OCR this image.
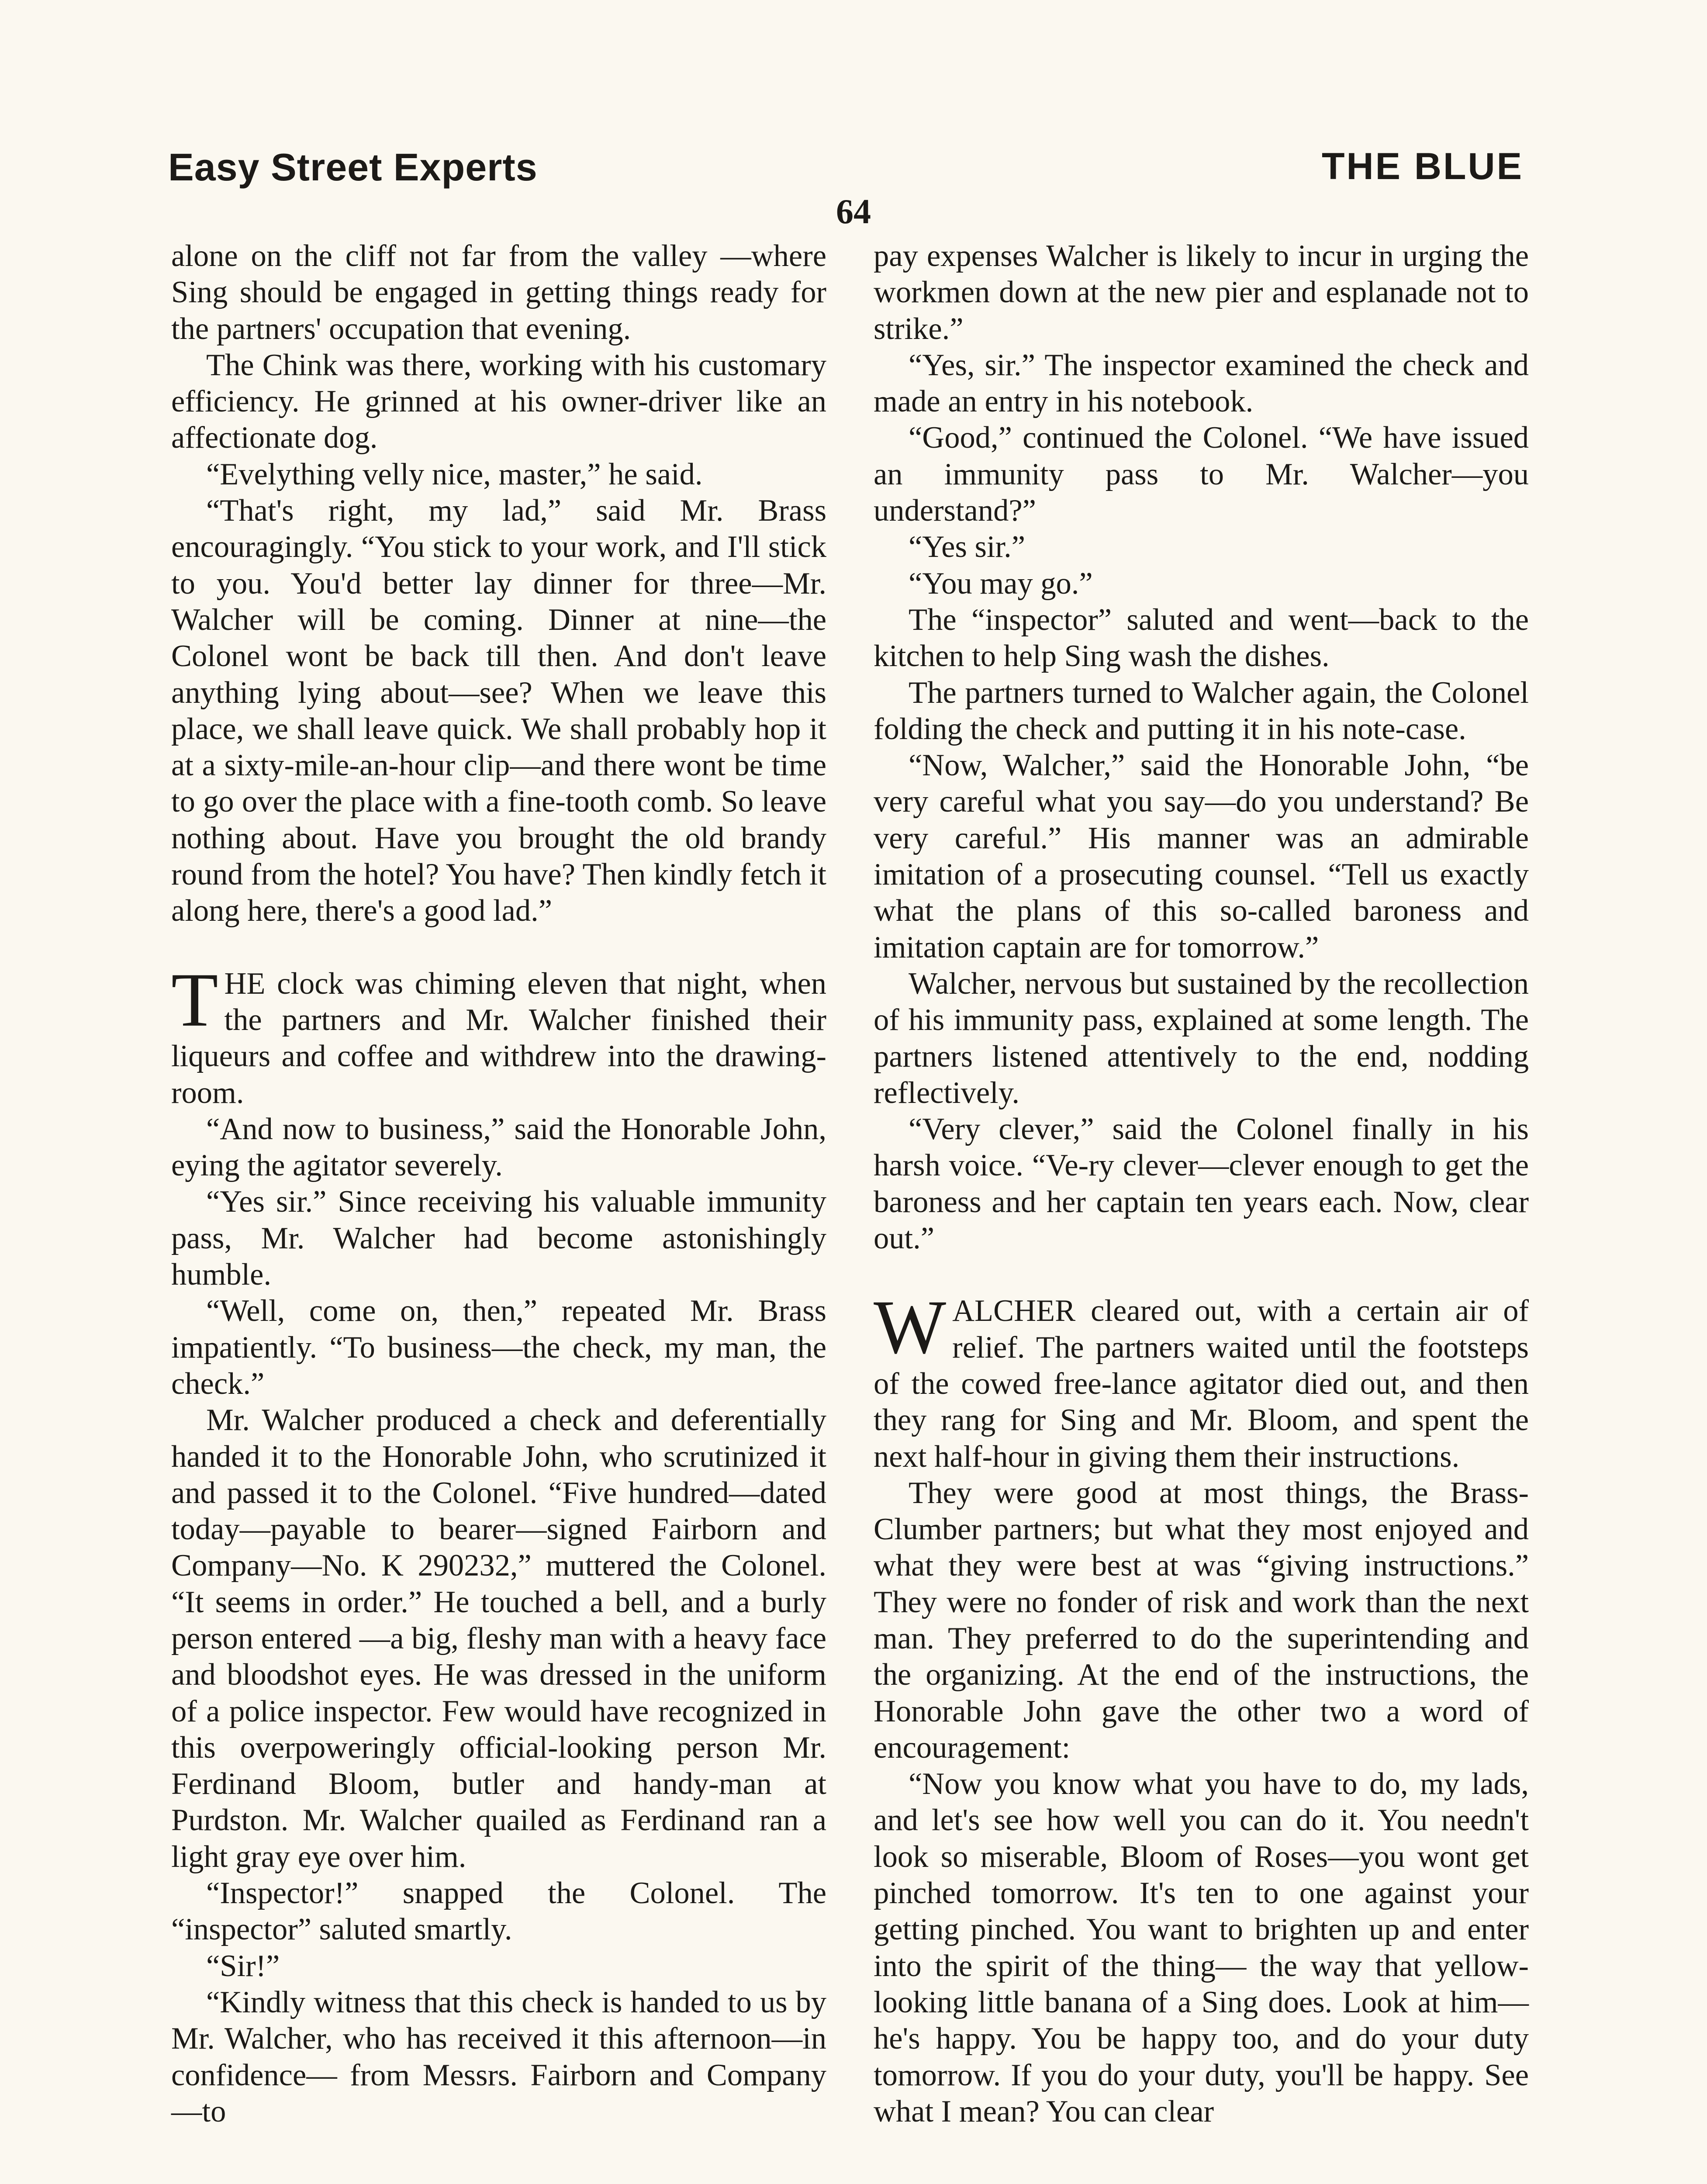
Easy Street Experts	THE BLUE
64

alone on the cliff not far from the valley —where Sing should be engaged in getting things ready for the partners' occupation that evening.

The Chink was there, working with his customary efficiency. He grinned at his owner-driver like an affectionate dog.

“Evelything velly nice, master,” he said.

“That's right, my lad,” said Mr. Brass encouragingly. “You stick to your work, and I'll stick to you. You'd better lay dinner for three—Mr. Walcher will be coming. Dinner at nine—the Colonel wont be back till then. And don't leave anything lying about—see? When we leave this place, we shall leave quick. We shall probably hop it at a sixty-mile-an-hour clip—and there wont be time to go over the place with a fine-tooth comb. So leave nothing about. Have you brought the old brandy round from the hotel? You have? Then kindly fetch it along here, there's a good lad.”

THE clock was chiming eleven that night, when the partners and Mr. Walcher finished their liqueurs and coffee and withdrew into the drawing-room.

“And now to business,” said the Honorable John, eying the agitator severely.

“Yes sir.” Since receiving his valuable immunity pass, Mr. Walcher had become astonishingly humble.

“Well, come on, then,” repeated Mr. Brass impatiently. “To business—the check, my man, the check.”

Mr. Walcher produced a check and deferentially handed it to the Honorable John, who scrutinized it and passed it to the Colonel. “Five hundred—dated today—payable to bearer—signed Fairborn and Company—No. K 290232,” muttered the Colonel. “It seems in order.” He touched a bell, and a burly person entered —a big, fleshy man with a heavy face and bloodshot eyes. He was dressed in the uniform of a police inspector. Few would have recognized in this overpoweringly official-looking person Mr. Ferdinand Bloom, butler and handy-man at Purdston. Mr. Walcher quailed as Ferdinand ran a light gray eye over him.

“Inspector!” snapped the Colonel. The “inspector” saluted smartly.

“Sir!”

“Kindly witness that this check is handed to us by Mr. Walcher, who has received it this afternoon—in confidence— from Messrs. Fairborn and Company—to

pay expenses Walcher is likely to incur in urging the workmen down at the new pier and esplanade not to strike.”

“Yes, sir.” The inspector examined the check and made an entry in his notebook.

“Good,” continued the Colonel. “We have issued an immunity pass to Mr. Walcher—you understand?”

“Yes sir.”

“You may go.”

The “inspector” saluted and went—back to the kitchen to help Sing wash the dishes.

The partners turned to Walcher again, the Colonel folding the check and putting it in his note-case.

“Now, Walcher,” said the Honorable John, “be very careful what you say—do you understand? Be very careful.” His manner was an admirable imitation of a prosecuting counsel. “Tell us exactly what the plans of this so-called baroness and imitation captain are for tomorrow.”

Walcher, nervous but sustained by the recollection of his immunity pass, explained at some length. The partners listened attentively to the end, nodding reflectively.

“Very clever,” said the Colonel finally in his harsh voice. “Ve-ry clever—clever enough to get the baroness and her captain ten years each. Now, clear out.”

WALCHER cleared out, with a certain air of relief. The partners waited until the footsteps of the cowed free-lance agitator died out, and then they rang for Sing and Mr. Bloom, and spent the next half-hour in giving them their instructions.

They were good at most things, the Brass-Clumber partners; but what they most enjoyed and what they were best at was “giving instructions.” They were no fonder of risk and work than the next man. They preferred to do the superintending and the organizing. At the end of the instructions, the Honorable John gave the other two a word of encouragement:

“Now you know what you have to do, my lads, and let's see how well you can do it. You needn't look so miserable, Bloom of Roses—you wont get pinched tomorrow. It's ten to one against your getting pinched. You want to brighten up and enter into the spirit of the thing— the way that yellow-looking little banana of a Sing does. Look at him—he's happy. You be happy too, and do your duty tomorrow. If you do your duty, you'll be happy. See what I mean? You can clear
